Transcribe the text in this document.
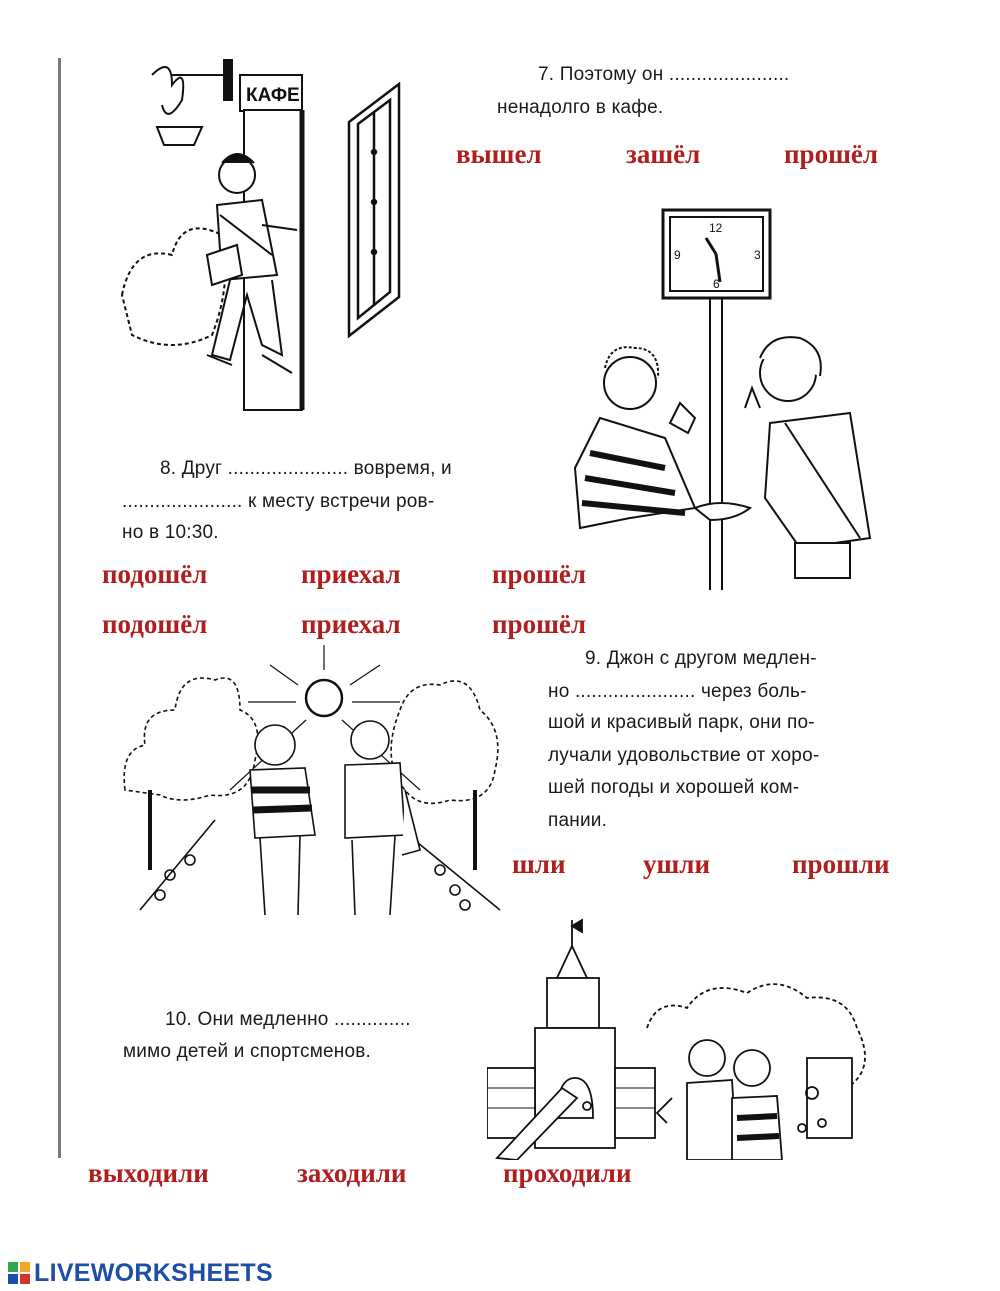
КАФЕ
7. Поэтому он ......................
ненадолго в кафе.
вышел	зашёл	прошёл
12
3
6
9
8. Друг ...................... вовремя, и
...................... к месту встречи ров-
но в 10:30.
подошёл	приехал	прошёл
подошёл	приехал	прошёл
9. Джон с другом медлен-
но ...................... через боль-
шой и красивый парк, они по-
лучали удовольствие от хоро-
шей погоды и хорошей ком-
пании.
шли	ушли	прошли
10. Они медленно ..............
мимо детей и спортсменов.
выходили	заходили	проходили
LIVEWORKSHEETS
